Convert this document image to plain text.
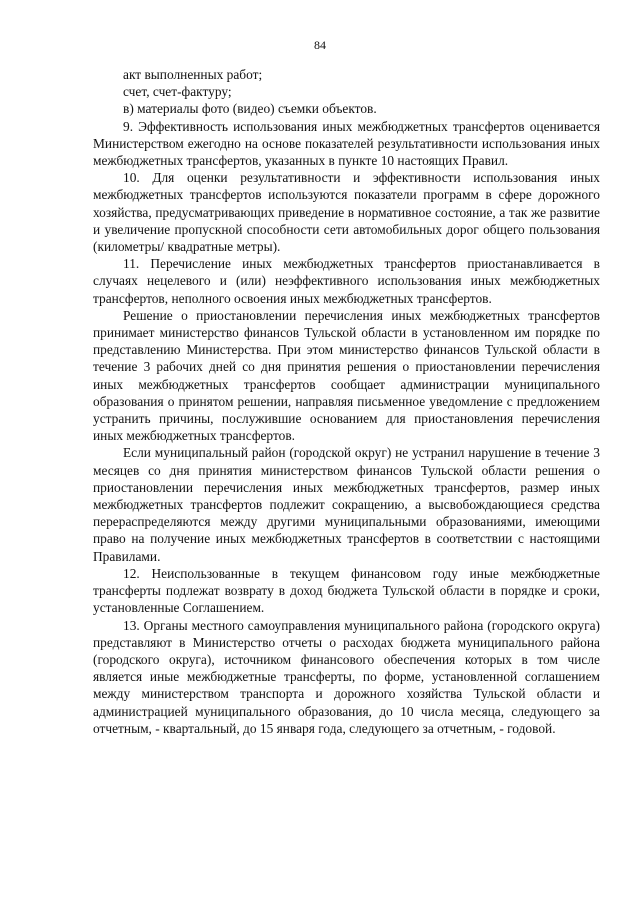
84

акт выполненных работ;

счет, счет-фактуру;

в) материалы фото (видео) съемки объектов.

9. Эффективность использования иных межбюджетных трансфертов оценивается Министерством ежегодно на основе показателей результативности использования иных межбюджетных трансфертов, указанных в пункте 10 настоящих Правил.

10. Для оценки результативности и эффективности использования иных межбюджетных трансфертов используются показатели программ в сфере дорожного хозяйства, предусматривающих приведение в нормативное состояние, а так же развитие и увеличение пропускной способности сети автомобильных дорог общего пользования (километры/ квадратные метры).

11. Перечисление иных межбюджетных трансфертов приостанавливается в случаях нецелевого и (или) неэффективного использования иных межбюджетных трансфертов, неполного освоения иных межбюджетных трансфертов.

Решение о приостановлении перечисления иных межбюджетных трансфертов принимает министерство финансов Тульской области в установленном им порядке по представлению Министерства. При этом министерство финансов Тульской области в течение 3 рабочих дней со дня принятия решения о приостановлении перечисления иных межбюджетных трансфертов сообщает администрации муниципального образования о принятом решении, направляя письменное уведомление с предложением устранить причины, послужившие основанием для приостановления перечисления иных межбюджетных трансфертов.

Если муниципальный район (городской округ) не устранил нарушение в течение 3 месяцев со дня принятия министерством финансов Тульской области решения о приостановлении перечисления иных межбюджетных трансфертов, размер иных межбюджетных трансфертов подлежит сокращению, а высвобождающиеся средства перераспределяются между другими муниципальными образованиями, имеющими право на получение иных межбюджетных трансфертов в соответствии с настоящими Правилами.

12. Неиспользованные в текущем финансовом году иные межбюджетные трансферты подлежат возврату в доход бюджета Тульской области в порядке и сроки, установленные Соглашением.

13. Органы местного самоуправления муниципального района (городского округа) представляют в Министерство отчеты о расходах бюджета муниципального района (городского округа), источником финансового обеспечения которых в том числе является иные межбюджетные трансферты, по форме, установленной соглашением между министерством транспорта и дорожного хозяйства Тульской области и администрацией муниципального образования, до 10 числа месяца, следующего за отчетным, - квартальный, до 15 января года, следующего за отчетным, - годовой.
